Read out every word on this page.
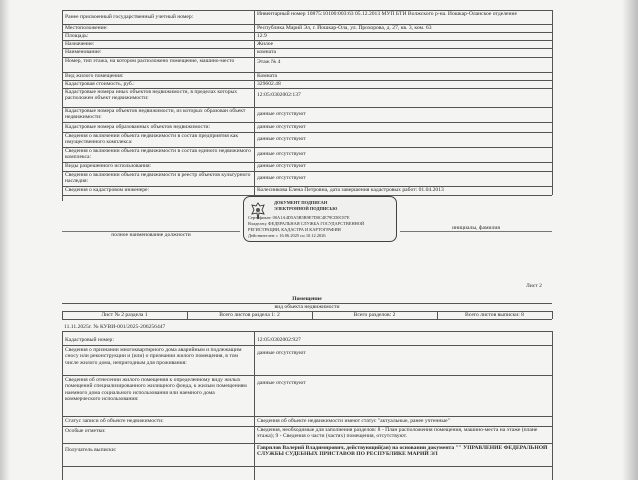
Ранее присвоенный государственный учетный номер:	Инвентарный номер 10875:10100:003:63 05.12.2013 МУП БТИ Волжского р-на. Иошкар-Оланское отделение
Местоположение:	Республика Марий Эл, г. Йошкар-Ола, ул. Прохорова, д. 27, кв. 3, ком. 63
Площадь:	12.9
Назначение:	Жилое
Наименование:	комната
Номер, тип этажа, на котором расположено помещение, машино-место	Этаж № 4
Вид жилого помещения:	Комната
Кадастровая стоимость, руб.:	329602.48
Кадастровые номера иных объектов недвижимости, в пределах которых расположен объект недвижимости:
12:05:0302002:137
Кадастровые номера объектов недвижимости, из которых образован объект недвижимости:
данные отсутствуют
Кадастровые номера образованных объектов недвижимости:	данные отсутствуют
Сведения о включении объекта недвижимости в состав предприятия как имущественного комплекса:
данные отсутствуют
Сведения о включении объекта недвижимости в состав единого недвижимого комплекса:
данные отсутствуют
Виды разрешенного использования:	данные отсутствуют
Сведения о включении объекта недвижимости в реестр объектов культурного наследия:
данные отсутствуют
Сведения о кадастровом инженере:	Колесникова Елена Петровна, дата завершения кадастровых работ: 01.04.2013
ДОКУМЕНТ ПОДПИСАН
ЭЛЕКТРОННОЙ ПОДПИСЬЮ
Сертификат: 00A1A4D5A5B5B9E7D0C4E79CD0C87E
Владелец: ФЕДЕРАЛЬНАЯ СЛУЖБА ГОСУДАРСТВЕННОЙ
РЕГИСТРАЦИИ, КАДАСТРА И КАРТОГРАФИИ
Действителен: с 16.06.2025 по 10.12.2026
полное наименование должности
инициалы, фамилия
Лист 2
Помещение
вид объекта недвижимости
Лист № 2 раздела 1	Всего листов раздела 1: 2	Всего разделов: 2	Всего листов выписки: 8
11.11.2025г. № КУВИ-001/2025-206256447
Кадастровый номер:	12:05:0302002:927
Сведения о признании многоквартирного дома аварийным и подлежащим сносу или реконструкции и (или) о признании жилого помещения, в том числе жилого дома, непригодным для проживания:
данные отсутствуют
Сведения об отнесении жилого помещения к определенному виду жилых помещений специализированного жилищного фонда, к жилым помещениям наемного дома социального использования или наемного дома коммерческого использования:
данные отсутствуют
Статус записи об объекте недвижимости:	Сведения об объекте недвижимости имеют статус "актуальные, ранее учтенные"
Особые отметки:	Сведения, необходимые для заполнения разделов: 8 - План расположения помещения, машино-места на этаже (плане этажа); 9 - Сведения о части (частях) помещения, отсутствуют.
Получатель выписки:	Гаврилов Валерий Владимирович, действующий(ая) на основании документа "" УПРАВЛЕНИЕ ФЕДЕРАЛЬНОЙ СЛУЖБЫ СУДЕБНЫХ ПРИСТАВОВ ПО РЕСПУБЛИКЕ МАРИЙ ЭЛ
